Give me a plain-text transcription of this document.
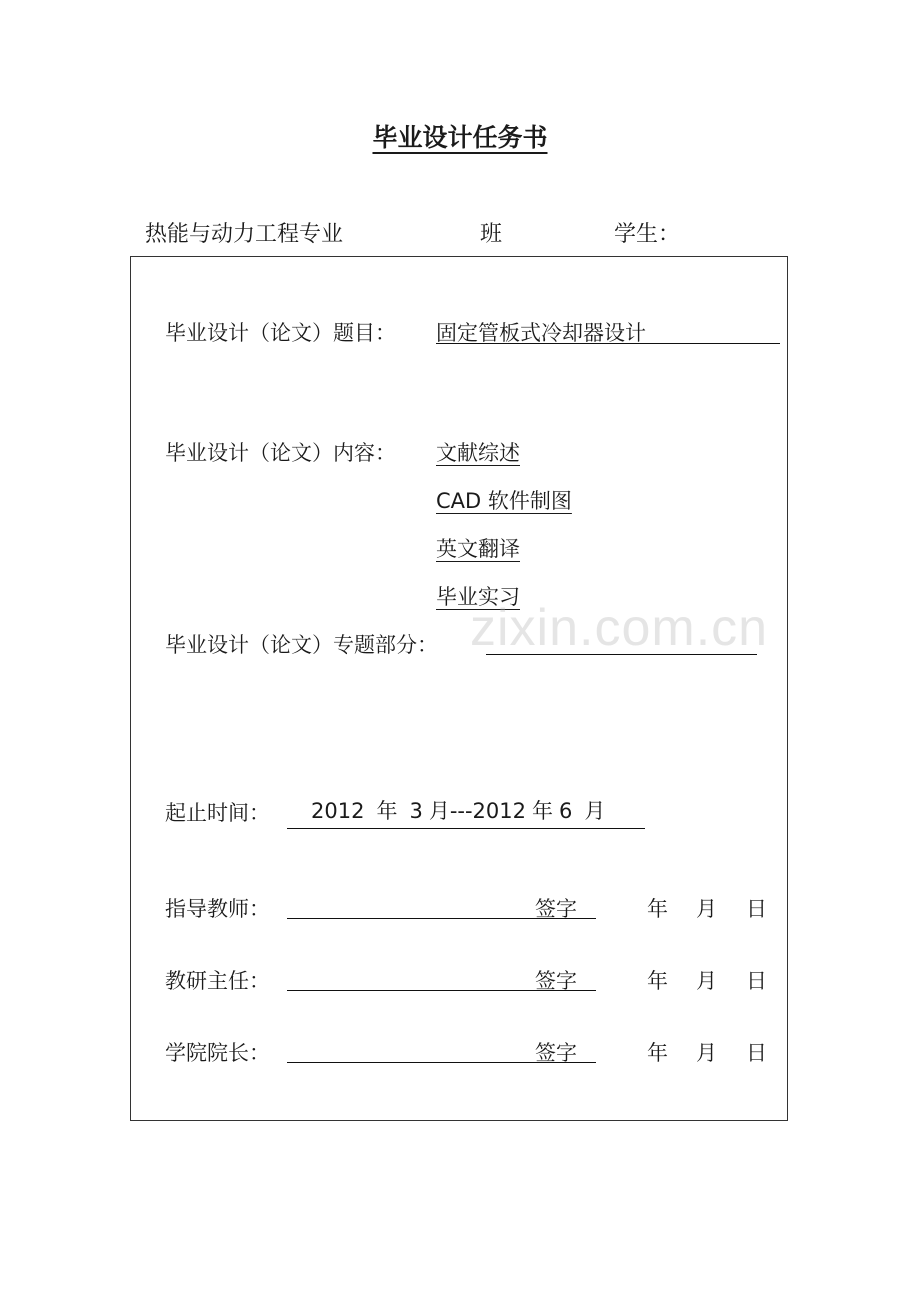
毕业设计任务书
热能与动力工程专业	班	学生：
毕业设计（论文）题目： 固定管板式冷却器设计
毕业设计（论文）内容： 文献综述
CAD 软件制图
英文翻译
毕业实习
zixin.com.cn
毕业设计（论文）专题部分：
起止时间：	2012 年 3 月---2012 年 6 月
指导教师：	签字	年 月 日
教研主任：	签字	年 月 日
学院院长：	签字	年 月 日
